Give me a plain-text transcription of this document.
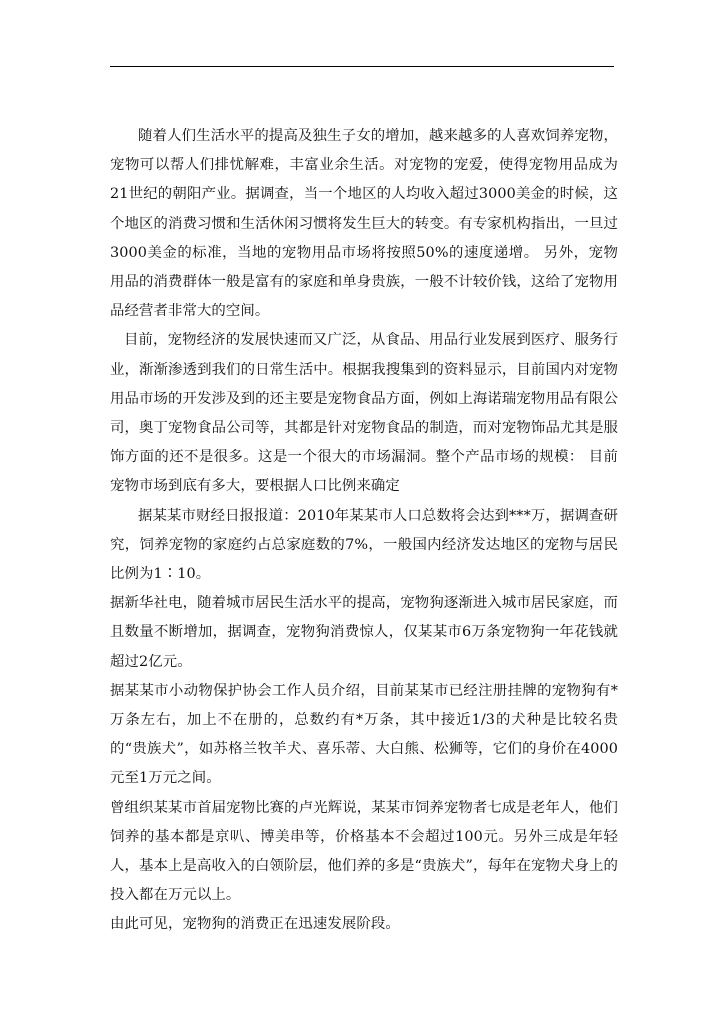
随着人们生活水平的提高及独生子女的增加，越来越多的人喜欢饲养宠物，宠物可以帮人们排忧解难，丰富业余生活。对宠物的宠爱，使得宠物用品成为21世纪的朝阳产业。据调查，当一个地区的人均收入超过3000美金的时候，这个地区的消费习惯和生活休闲习惯将发生巨大的转变。有专家机构指出，一旦过3000美金的标准，当地的宠物用品市场将按照50%的速度递增。 另外，宠物用品的消费群体一般是富有的家庭和单身贵族，一般不计较价钱，这给了宠物用品经营者非常大的空间。

目前，宠物经济的发展快速而又广泛，从食品、用品行业发展到医疗、服务行业，渐渐渗透到我们的日常生活中。根据我搜集到的资料显示，目前国内对宠物用品市场的开发涉及到的还主要是宠物食品方面，例如上海诺瑞宠物用品有限公司，奥丁宠物食品公司等，其都是针对宠物食品的制造，而对宠物饰品尤其是服饰方面的还不是很多。这是一个很大的市场漏洞。整个产品市场的规模： 目前宠物市场到底有多大，要根据人口比例来确定

据某某市财经日报报道：2010年某某市人口总数将会达到***万，据调查研究，饲养宠物的家庭约占总家庭数的7%，一般国内经济发达地区的宠物与居民比例为1∶10。

据新华社电，随着城市居民生活水平的提高，宠物狗逐渐进入城市居民家庭，而且数量不断增加，据调查，宠物狗消费惊人，仅某某市6万条宠物狗一年花钱就超过2亿元。

据某某市小动物保护协会工作人员介绍，目前某某市已经注册挂牌的宠物狗有*万条左右，加上不在册的，总数约有*万条，其中接近1/3的犬种是比较名贵的“贵族犬”，如苏格兰牧羊犬、喜乐蒂、大白熊、松狮等，它们的身价在4000元至1万元之间。

曾组织某某市首届宠物比赛的卢光辉说，某某市饲养宠物者七成是老年人，他们饲养的基本都是京叭、博美串等，价格基本不会超过100元。另外三成是年轻人，基本上是高收入的白领阶层，他们养的多是“贵族犬”，每年在宠物犬身上的投入都在万元以上。

由此可见，宠物狗的消费正在迅速发展阶段。
